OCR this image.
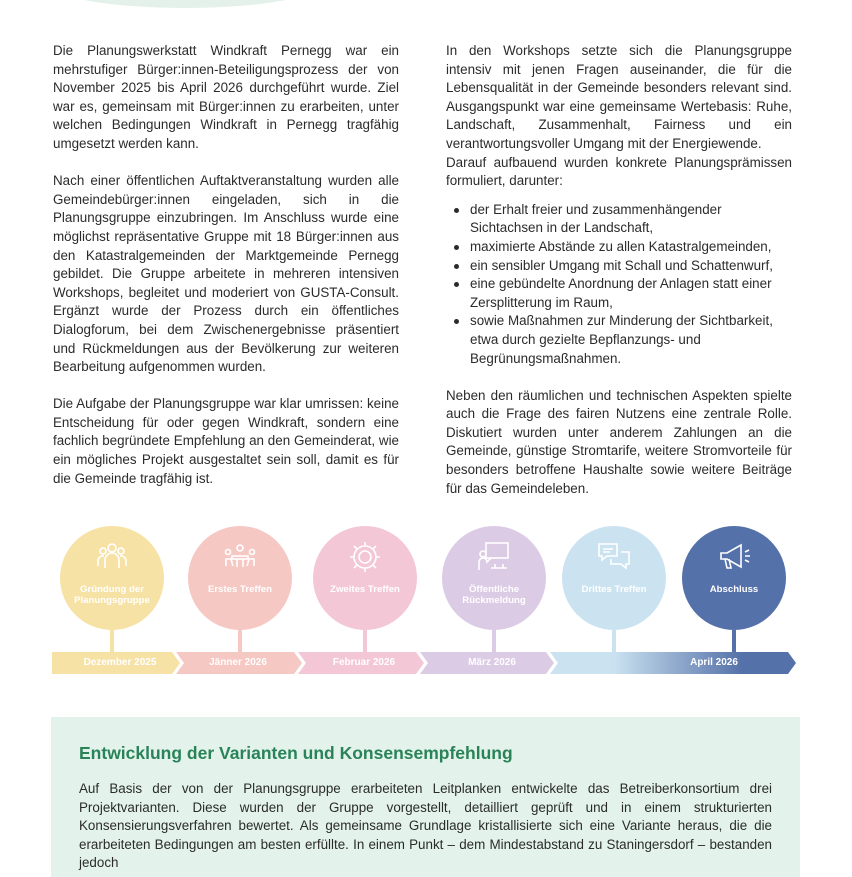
Die Planungswerkstatt Windkraft Pernegg war ein mehrstufiger Bürger:innen-Beteiligungsprozess der von November 2025 bis April 2026 durchgeführt wurde. Ziel war es, gemeinsam mit Bürger:innen zu erarbeiten, unter welchen Bedingungen Windkraft in Pernegg tragfähig umgesetzt werden kann.

Nach einer öffentlichen Auftaktveranstaltung wurden alle Gemeindebürger:innen eingeladen, sich in die Planungsgruppe einzubringen. Im Anschluss wurde eine möglichst repräsentative Gruppe mit 18 Bürger:innen aus den Katastralgemeinden der Marktgemeinde Pernegg gebildet. Die Gruppe arbeitete in mehreren intensiven Workshops, begleitet und moderiert von GUSTA-Consult. Ergänzt wurde der Prozess durch ein öffentliches Dialogforum, bei dem Zwischenergebnisse präsentiert und Rückmeldungen aus der Bevölkerung zur weiteren Bearbeitung aufgenommen wurden.

Die Aufgabe der Planungsgruppe war klar umrissen: keine Entscheidung für oder gegen Windkraft, sondern eine fachlich begründete Empfehlung an den Gemeinderat, wie ein mögliches Projekt ausgestaltet sein soll, damit es für die Gemeinde tragfähig ist.

In den Workshops setzte sich die Planungsgruppe intensiv mit jenen Fragen auseinander, die für die Lebensqualität in der Gemeinde besonders relevant sind. Ausgangspunkt war eine gemeinsame Wertebasis: Ruhe, Landschaft, Zusammenhalt, Fairness und ein verantwortungsvoller Umgang mit der Energiewende.

Darauf aufbauend wurden konkrete Planungsprämissen formuliert, darunter:

der Erhalt freier und zusammenhängender Sichtachsen in der Landschaft,
maximierte Abstände zu allen Katastralgemeinden,
ein sensibler Umgang mit Schall und Schattenwurf,
eine gebündelte Anordnung der Anlagen statt einer Zersplitterung im Raum,
sowie Maßnahmen zur Minderung der Sichtbarkeit, etwa durch gezielte Bepflanzungs- und Begrünungsmaßnahmen.

Neben den räumlichen und technischen Aspekten spielte auch die Frage des fairen Nutzens eine zentrale Rolle. Diskutiert wurden unter anderem Zahlungen an die Gemeinde, günstige Stromtarife, weitere Stromvorteile für besonders betroffene Haushalte sowie weitere Beiträge für das Gemeindeleben.

Gründung der Planungsgruppe
Erstes Treffen	Zweites Treffen	Öffentliche Rückmeldung
Drittes Treffen	Abschluss
Dezember 2025	Jänner 2026	Februar 2026	März 2026	April 2026
Entwicklung der Varianten und Konsensempfehlung

Auf Basis der von der Planungsgruppe erarbeiteten Leitplanken entwickelte das Betreiberkonsortium drei Projektvarianten. Diese wurden der Gruppe vorgestellt, detailliert geprüft und in einem strukturierten Konsensierungsverfahren bewertet. Als gemeinsame Grundlage kristallisierte sich eine Variante heraus, die die erarbeiteten Bedingungen am besten erfüllte. In einem Punkt – dem Mindestabstand zu Staningersdorf – bestanden jedoch
